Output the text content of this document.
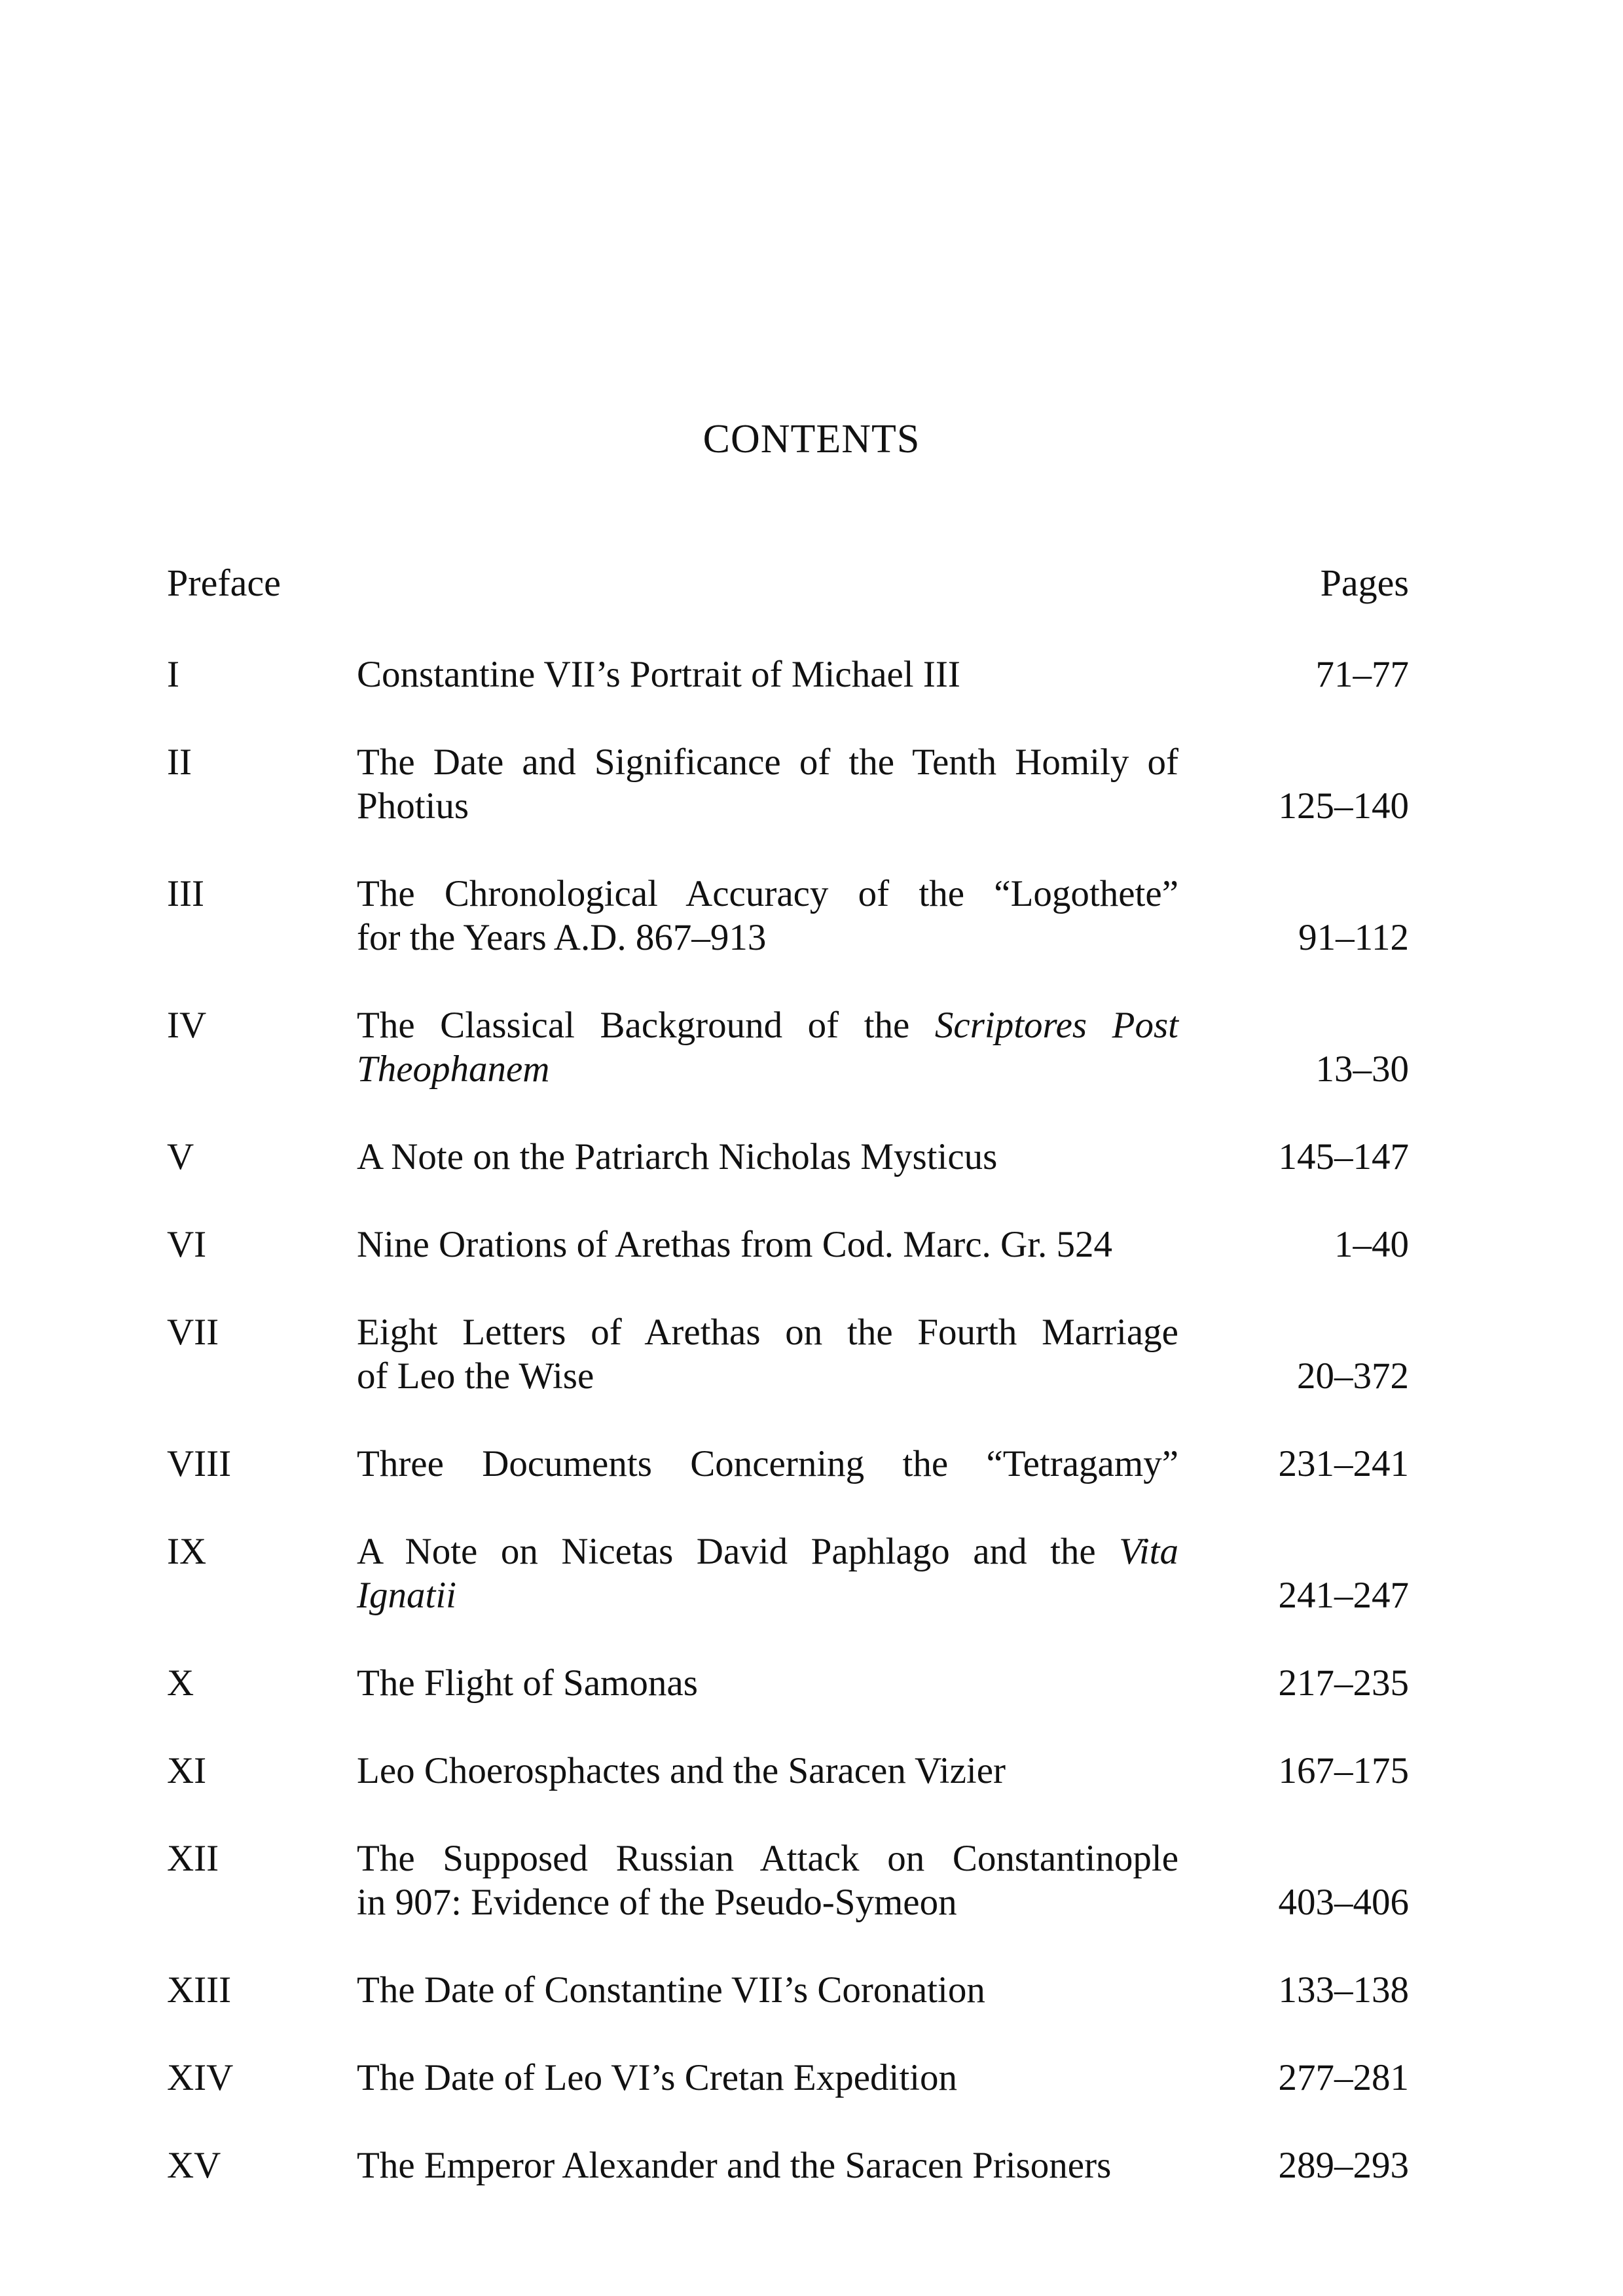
CONTENTS
Preface	Pages
I	Constantine VII’s Portrait of Michael III	71–77
II	The Date and Significance of the Tenth Homily of
Photius	125–140
III	The Chronological Accuracy of the “Logothete”
for the Years A.D. 867–913	91–112
IV	The Classical Background of the Scriptores Post
Theophanem	13–30
V	A Note on the Patriarch Nicholas Mysticus	145–147
VI	Nine Orations of Arethas from Cod. Marc. Gr. 524	1–40
VII	Eight Letters of Arethas on the Fourth Marriage
of Leo the Wise	20–372
VIII	Three Documents Concerning the “Tetragamy”	231–241
IX	A Note on Nicetas David Paphlago and the Vita
Ignatii	241–247
X	The Flight of Samonas	217–235
XI	Leo Choerosphactes and the Saracen Vizier	167–175
XII	The Supposed Russian Attack on Constantinople
in 907: Evidence of the Pseudo-Symeon	403–406
XIII	The Date of Constantine VII’s Coronation	133–138
XIV	The Date of Leo VI’s Cretan Expedition	277–281
XV	The Emperor Alexander and the Saracen Prisoners	289–293
